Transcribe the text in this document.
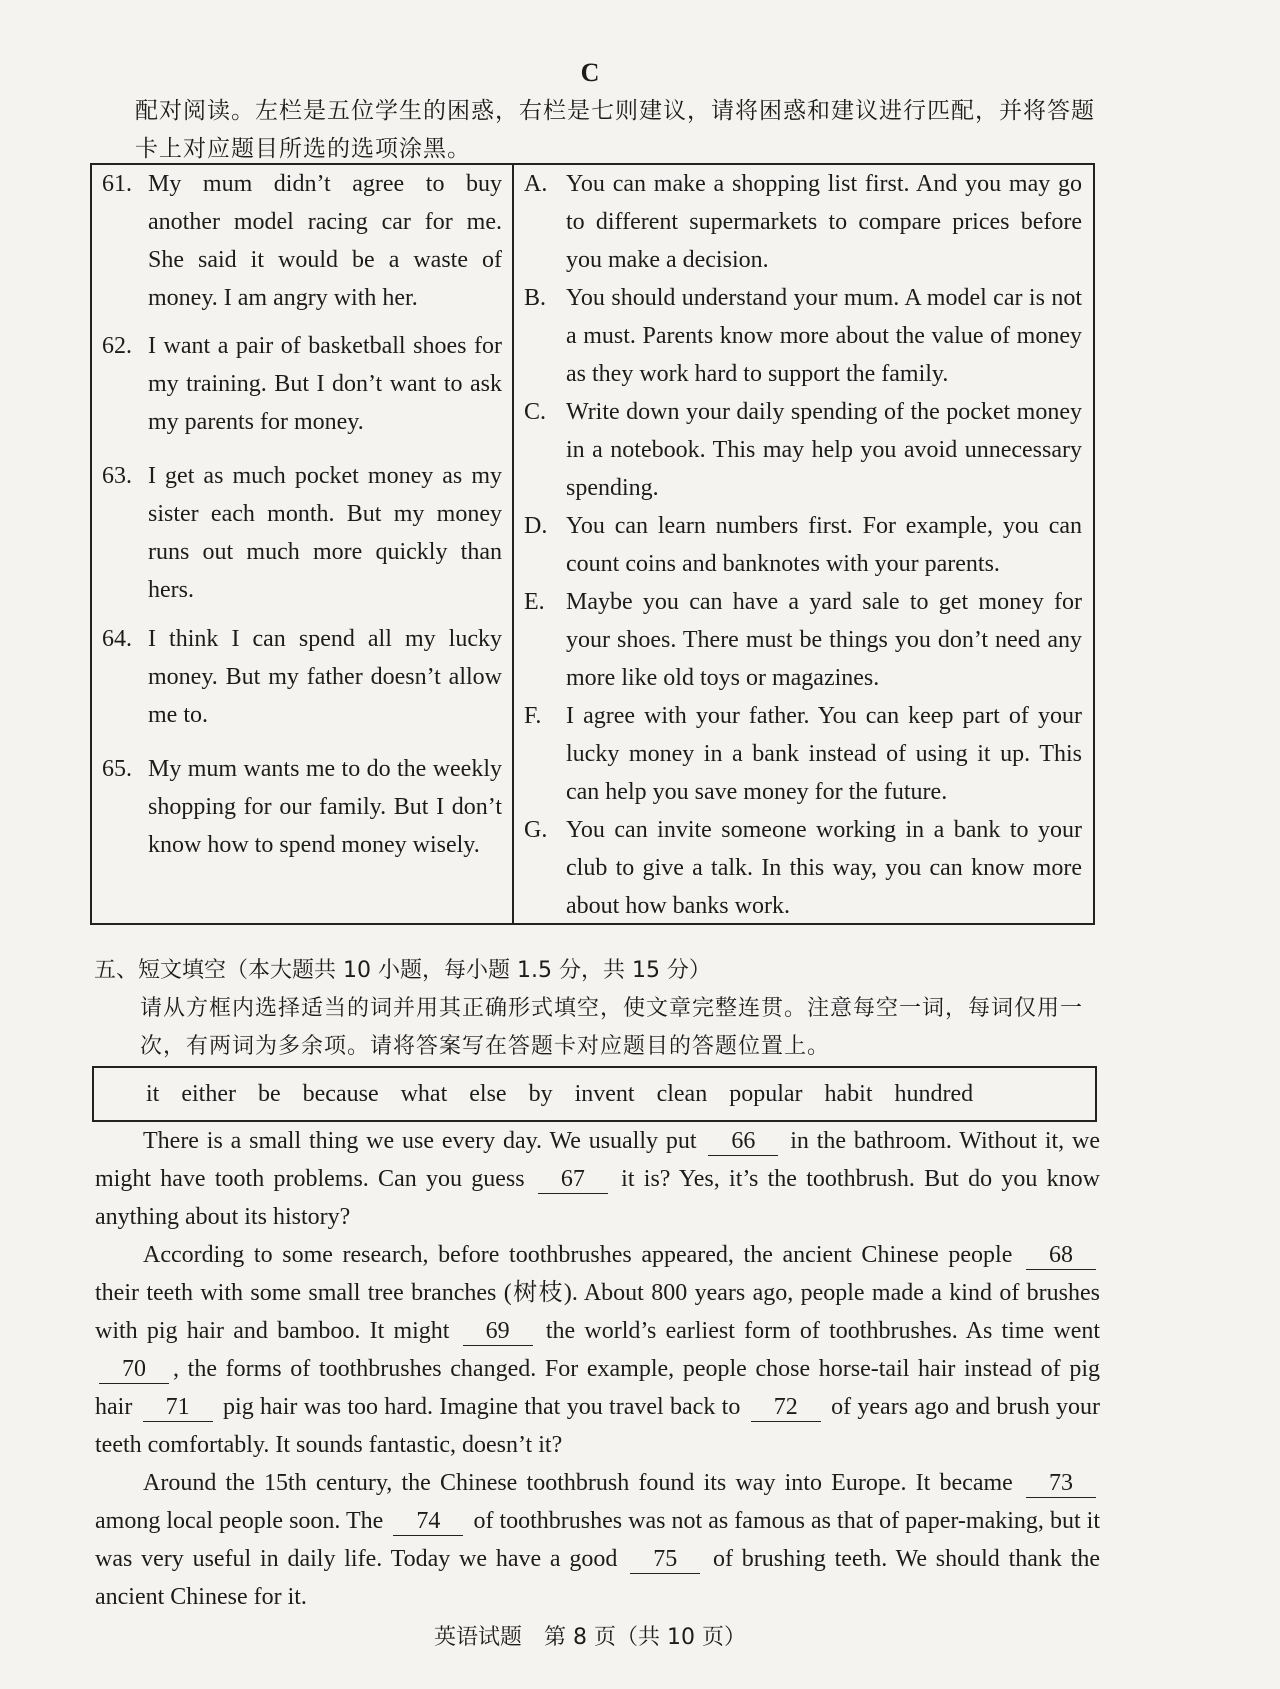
C
配对阅读。左栏是五位学生的困惑，右栏是七则建议，请将困惑和建议进行匹配，并将答题卡上对应题目所选的选项涂黑。
61. My mum didn’t agree to buy another model racing car for me. She said it would be a waste of money. I am angry with her.
62. I want a pair of basketball shoes for my training. But I don’t want to ask my parents for money.
63. I get as much pocket money as my sister each month. But my money runs out much more quickly than hers.
64. I think I can spend all my lucky money. But my father doesn’t allow me to.
65. My mum wants me to do the weekly shopping for our family. But I don’t know how to spend money wisely.
A. You can make a shopping list first. And you may go to different supermarkets to compare prices before you make a decision.
B. You should understand your mum. A model car is not a must. Parents know more about the value of money as they work hard to support the family.
C. Write down your daily spending of the pocket money in a notebook. This may help you avoid unnecessary spending.
D. You can learn numbers first. For example, you can count coins and banknotes with your parents.
E. Maybe you can have a yard sale to get money for your shoes. There must be things you don’t need any more like old toys or magazines.
F. I agree with your father. You can keep part of your lucky money in a bank instead of using it up. This can help you save money for the future.
G. You can invite someone working in a bank to your club to give a talk. In this way, you can know more about how banks work.
五、短文填空（本大题共 10 小题，每小题 1.5 分，共 15 分）
请从方框内选择适当的词并用其正确形式填空，使文章完整连贯。注意每空一词，每词仅用一次，有两词为多余项。请将答案写在答题卡对应题目的答题位置上。
it either be because what else by invent clean popular habit hundred

There is a small thing we use every day. We usually put 66 in the bathroom. Without it, we might have tooth problems. Can you guess 67 it is? Yes, it’s the toothbrush. But do you know anything about its history?

According to some research, before toothbrushes appeared, the ancient Chinese people 68 their teeth with some small tree branches (树枝). About 800 years ago, people made a kind of brushes with pig hair and bamboo. It might 69 the world’s earliest form of toothbrushes. As time went 70 , the forms of toothbrushes changed. For example, people chose horse-tail hair instead of pig hair 71 pig hair was too hard. Imagine that you travel back to 72 of years ago and brush your teeth comfortably. It sounds fantastic, doesn’t it?

Around the 15th century, the Chinese toothbrush found its way into Europe. It became 73 among local people soon. The 74 of toothbrushes was not as famous as that of paper-making, but it was very useful in daily life. Today we have a good 75 of brushing teeth. We should thank the ancient Chinese for it.

英语试题　第 8 页（共 10 页）
